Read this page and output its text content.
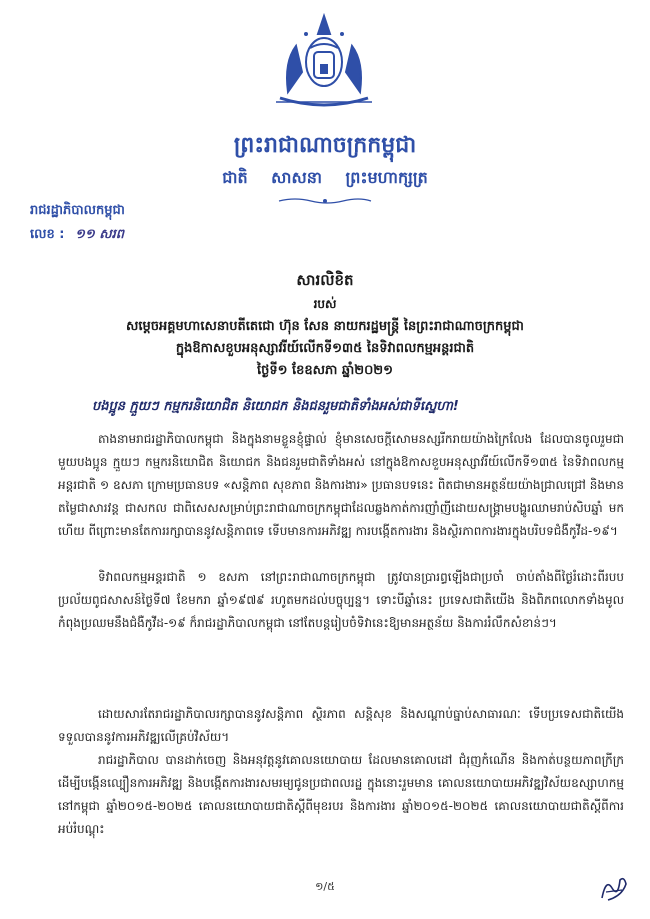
ព្រះរាជាណាចក្រកម្ពុជា
ជាតិ សាសនា ព្រះមហាក្សត្រ
រាជរដ្ឋាភិបាលកម្ពុជា
លេខ : ១១ សរព
សារលិខិត
របស់
សម្តេចអគ្គមហាសេនាបតីតេជោ ហ៊ុន សែន នាយករដ្ឋមន្ត្រី នៃព្រះរាជាណាចក្រកម្ពុជា
ក្នុងឱកាសខួបអនុស្សាវរីយ៍លើកទី១៣៥ នៃទិវាពលកម្មអន្តរជាតិ
ថ្ងៃទី១ ខែឧសភា ឆ្នាំ២០២១
បងប្អូន ក្មួយៗ កម្មករនិយោជិត និយោជក និងជនរួមជាតិទាំងអស់ជាទីស្នេហា!

តាងនាមរាជរដ្ឋាភិបាលកម្ពុជា និងក្នុងនាមខ្លួនខ្ញុំផ្ទាល់ ខ្ញុំមានសេចក្តីសោមនស្សរីករាយយ៉ាងក្រៃលែង ដែលបានចូលរួមជាមួយបងប្អូន ក្មួយៗ កម្មករនិយោជិត និយោជក និងជនរួមជាតិទាំងអស់ នៅក្នុងឱកាសខួបអនុស្សាវរីយ៍លើកទី១៣៥ នៃទិវាពលកម្មអន្តរជាតិ ១ ឧសភា ក្រោមប្រធានបទ «សន្តិភាព សុខភាព និងការងារ» ប្រធានបទនេះ ពិតជាមានអត្ថន័យយ៉ាងជ្រាលជ្រៅ និងមានតម្លៃជាសារវន្ត ជាសកល ជាពិសេសសម្រាប់ព្រះរាជាណាចក្រកម្ពុជាដែលឆ្លងកាត់ការញាំញីដោយសង្គ្រាមបង្ហូរឈាមរាប់សិបឆ្នាំ មកហើយ ពីព្រោះមានតែការរក្សាបាននូវសន្តិភាពទេ ទើបមានការអភិវឌ្ឍ ការបង្កើតការងារ និងស្ថិរភាពការងារក្នុងបរិបទជំងឺកូវីដ-១៩។

ទិវាពលកម្មអន្តរជាតិ ១ ឧសភា នៅព្រះរាជាណាចក្រកម្ពុជា ត្រូវបានប្រារព្ធឡើងជាប្រចាំ ចាប់តាំងពីថ្ងៃរំដោះពីរបបប្រល័យពូជសាសន៍ថ្ងៃទី៧ ខែមករា ឆ្នាំ១៩៧៩ រហូតមកដល់បច្ចុប្បន្ន។ ទោះបីឆ្នាំនេះ ប្រទេសជាតិយើង និងពិភពលោកទាំងមូលកំពុងប្រឈមនឹងជំងឺកូវីដ-១៩ ក៏រាជរដ្ឋាភិបាលកម្ពុជា នៅតែបន្តរៀបចំទិវានេះឱ្យមានអត្ថន័យ និងការរំលឹកសំខាន់ៗ។

ដោយសារតែរាជរដ្ឋាភិបាលរក្សាបាននូវសន្តិភាព ស្ថិរភាព សន្តិសុខ និងសណ្តាប់ធ្នាប់សាធារណៈ ទើបប្រទេសជាតិយើងទទួលបាននូវការអភិវឌ្ឍលើគ្រប់វិស័យ។

រាជរដ្ឋាភិបាល បានដាក់ចេញ និងអនុវត្តនូវគោលនយោបាយ ដែលមានគោលដៅ ជំរុញកំណើន និងកាត់បន្ថយភាពក្រីក្រ ដើម្បីបង្កើនល្បឿនការអភិវឌ្ឍ និងបង្កើតការងារសមរម្យជូនប្រជាពលរដ្ឋ ក្នុងនោះរួមមាន គោលនយោបាយអភិវឌ្ឍវិស័យឧស្សាហកម្មនៅកម្ពុជា ឆ្នាំ២០១៥-២០២៥ គោលនយោបាយជាតិស្តីពីមុខរបរ និងការងារ ឆ្នាំ២០១៥-២០២៥ គោលនយោបាយជាតិស្តីពីការអប់រំបណ្តុះ

១/៥
